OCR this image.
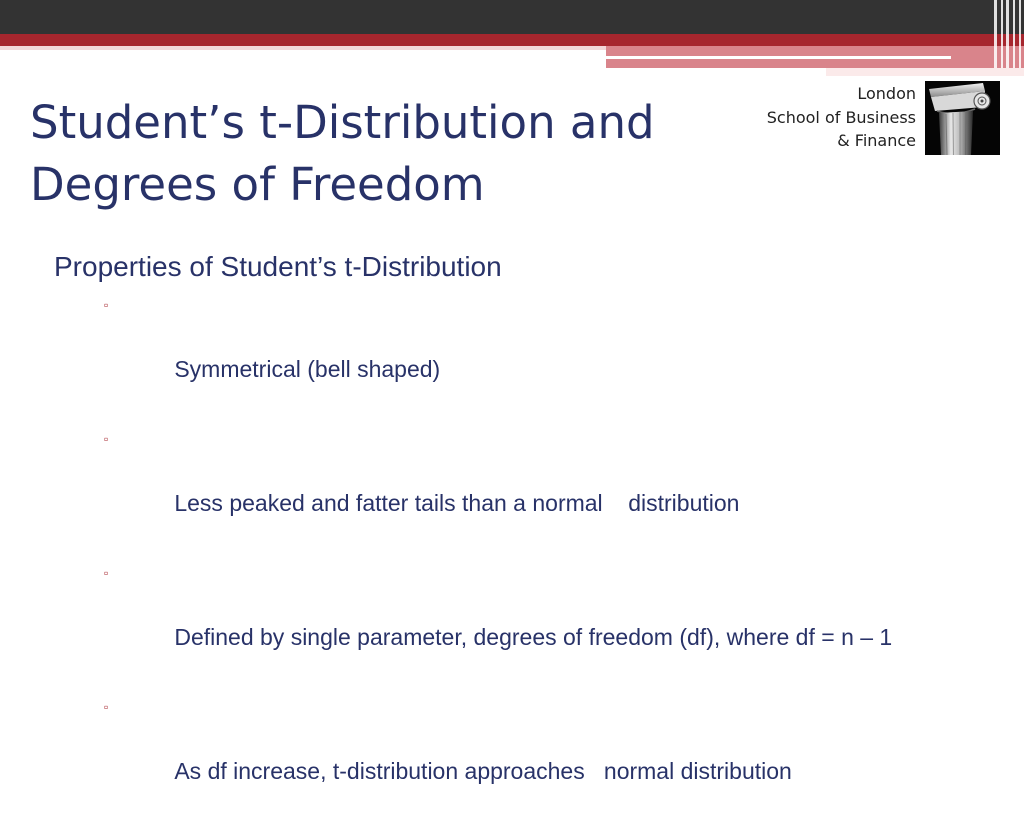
Student’s t-Distribution and
Degrees of Freedom
London
School of Business
& Finance

Properties of Student’s t-Distribution

▫

Symmetrical (bell shaped)

▫

Less peaked and fatter tails than a normal    distribution

▫

Defined by single parameter, degrees of freedom (df), where df = n – 1

▫

As df increase, t-distribution approaches   normal distribution
